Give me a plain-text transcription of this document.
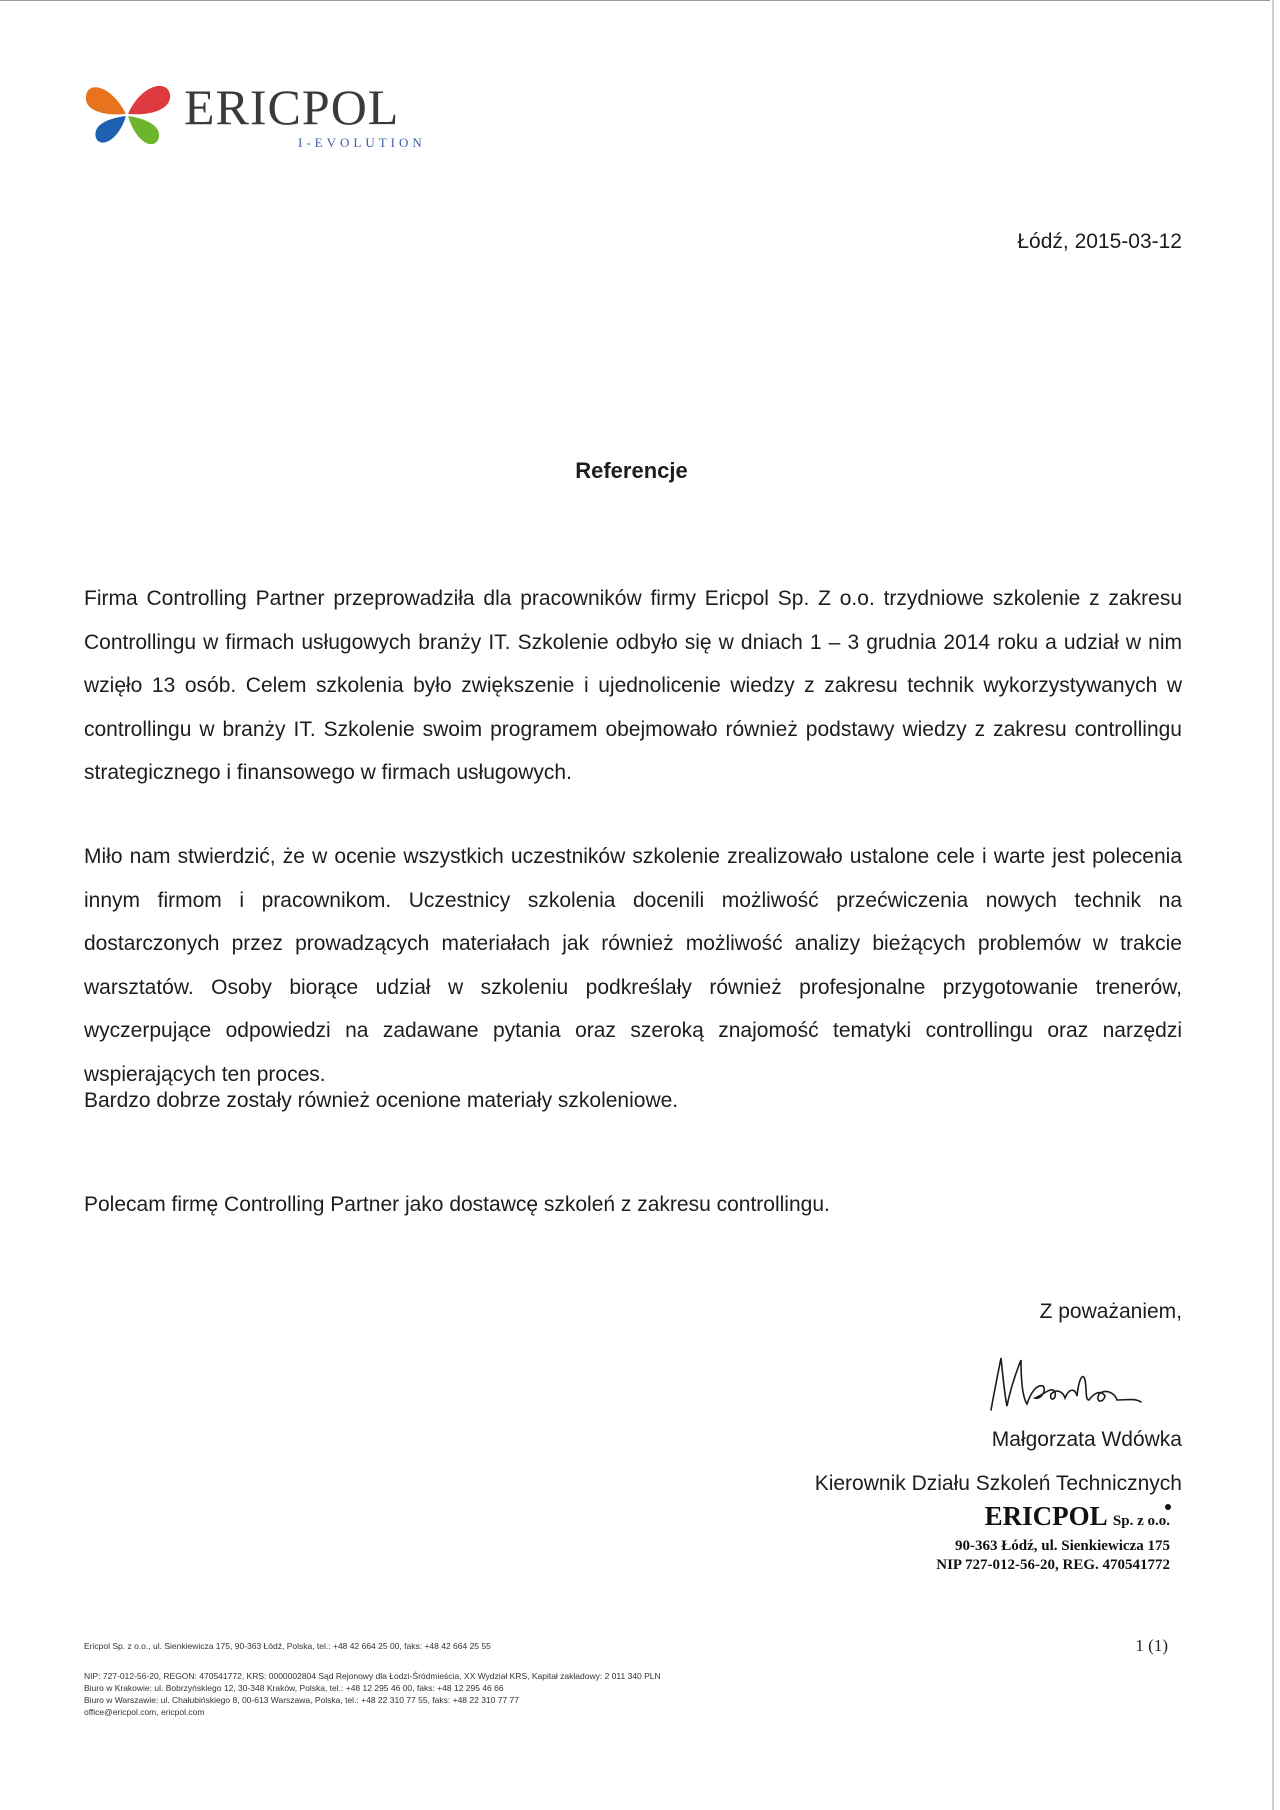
ERICPOL
I-EVOLUTION
Łódź, 2015-03-12
Referencje

Firma Controlling Partner przeprowadziła dla pracowników firmy Ericpol Sp. Z o.o. trzydniowe szkolenie z zakresu Controllingu w firmach usługowych branży IT. Szkolenie odbyło się w dniach 1 – 3 grudnia 2014 roku a udział w nim wzięło 13 osób. Celem szkolenia było zwiększenie i ujednolicenie wiedzy z zakresu technik wykorzystywanych w controllingu w branży IT. Szkolenie swoim programem obejmowało również podstawy wiedzy z zakresu controllingu strategicznego i finansowego w firmach usługowych.

Miło nam stwierdzić, że w ocenie wszystkich uczestników szkolenie zrealizowało ustalone cele i warte jest polecenia innym firmom i pracownikom. Uczestnicy szkolenia docenili możliwość przećwiczenia nowych technik na dostarczonych przez prowadzących materiałach jak również możliwość analizy bieżących problemów w trakcie warsztatów. Osoby biorące udział w szkoleniu podkreślały również profesjonalne przygotowanie trenerów, wyczerpujące odpowiedzi na zadawane pytania oraz szeroką znajomość tematyki controllingu oraz narzędzi wspierających ten proces.

Bardzo dobrze zostały również ocenione materiały szkoleniowe.

Polecam firmę Controlling Partner jako dostawcę szkoleń z zakresu controllingu.

Z poważaniem,
Małgorzata Wdówka
Kierownik Działu Szkoleń Technicznych
ERICPOL Sp. z o.o.
90-363 Łódź, ul. Sienkiewicza 175
NIP 727-012-56-20, REG. 470541772
Ericpol Sp. z o.o., ul. Sienkiewicza 175, 90-363 Łódź, Polska, tel.: +48 42 664 25 00, faks: +48 42 664 25 55	1 (1)
NIP: 727-012-56-20, REGON: 470541772, KRS: 0000002804 Sąd Rejonowy dla Łodzi-Śródmieścia, XX Wydział KRS, Kapitał zakładowy: 2 011 340 PLN
Biuro w Krakowie: ul. Bobrzyńskiego 12, 30-348 Kraków, Polska, tel.: +48 12 295 46 00, faks: +48 12 295 46 66
Biuro w Warszawie: ul. Chałubińskiego 8, 00-613 Warszawa, Polska, tel.: +48 22 310 77 55, faks: +48 22 310 77 77
office@ericpol.com, ericpol.com
